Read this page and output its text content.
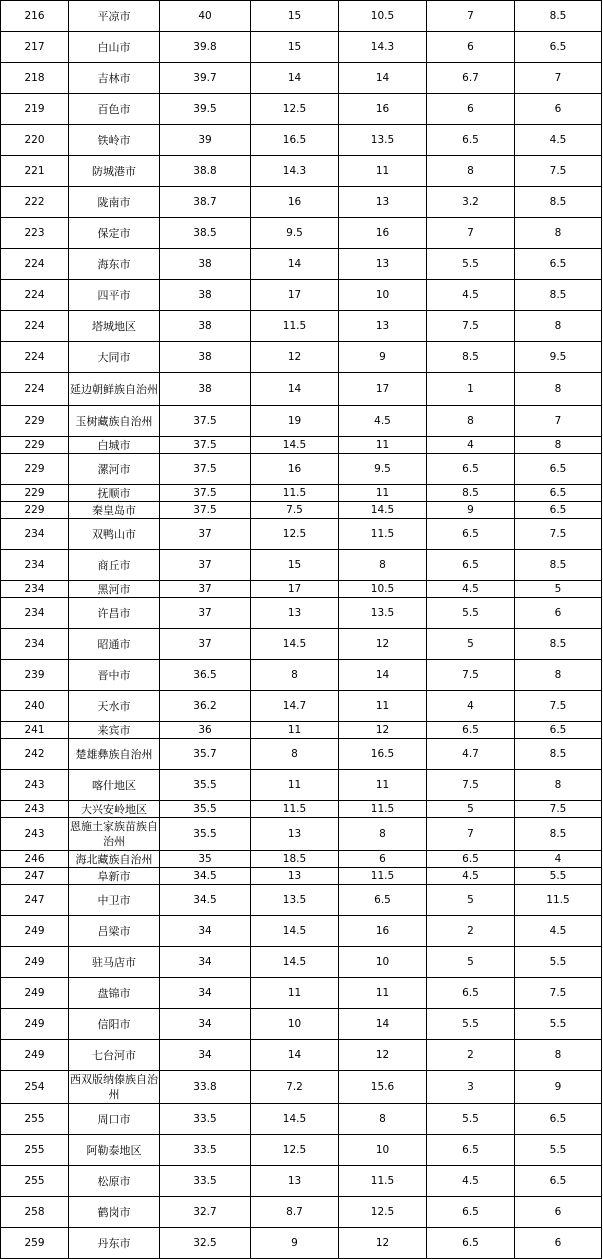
216	平凉市	40	15	10.5	7	8.5	
217	白山市	39.8	15	14.3	6	6.5	
218	吉林市	39.7	14	14	6.7	7	
219	百色市	39.5	12.5	16	6	6	
220	铁岭市	39	16.5	13.5	6.5	4.5	
221	防城港市	38.8	14.3	11	8	7.5	
222	陇南市	38.7	16	13	3.2	8.5	
223	保定市	38.5	9.5	16	7	8	
224	海东市	38	14	13	5.5	6.5	
224	四平市	38	17	10	4.5	8.5	
224	塔城地区	38	11.5	13	7.5	8	
224	大同市	38	12	9	8.5	9.5	
224	延边朝鲜族自治州	38	14	17	1	8	
229	玉树藏族自治州	37.5	19	4.5	8	7	
229	白城市	37.5	14.5	11	4	8	
229	漯河市	37.5	16	9.5	6.5	6.5	
229	抚顺市	37.5	11.5	11	8.5	6.5	
229	秦皇岛市	37.5	7.5	14.5	9	6.5	
234	双鸭山市	37	12.5	11.5	6.5	7.5	
234	商丘市	37	15	8	6.5	8.5	
234	黑河市	37	17	10.5	4.5	5	
234	许昌市	37	13	13.5	5.5	6	
234	昭通市	37	14.5	12	5	8.5	
239	晋中市	36.5	8	14	7.5	8	
240	天水市	36.2	14.7	11	4	7.5	
241	来宾市	36	11	12	6.5	6.5	
242	楚雄彝族自治州	35.7	8	16.5	4.7	8.5	
243	喀什地区	35.5	11	11	7.5	8	
243	大兴安岭地区	35.5	11.5	11.5	5	7.5	
243	恩施土家族苗族自治州	35.5	13	8	7	8.5	
246	海北藏族自治州	35	18.5	6	6.5	4	
247	阜新市	34.5	13	11.5	4.5	5.5	
247	中卫市	34.5	13.5	6.5	5	11.5	
249	吕梁市	34	14.5	16	2	4.5	
249	驻马店市	34	14.5	10	5	5.5	
249	盘锦市	34	11	11	6.5	7.5	
249	信阳市	34	10	14	5.5	5.5	
249	七台河市	34	14	12	2	8	
254	西双版纳傣族自治州	33.8	7.2	15.6	3	9	
255	周口市	33.5	14.5	8	5.5	6.5	
255	阿勒泰地区	33.5	12.5	10	6.5	5.5	
255	松原市	33.5	13	11.5	4.5	6.5	
258	鹤岗市	32.7	8.7	12.5	6.5	6	
259	丹东市	32.5	9	12	6.5	6	
